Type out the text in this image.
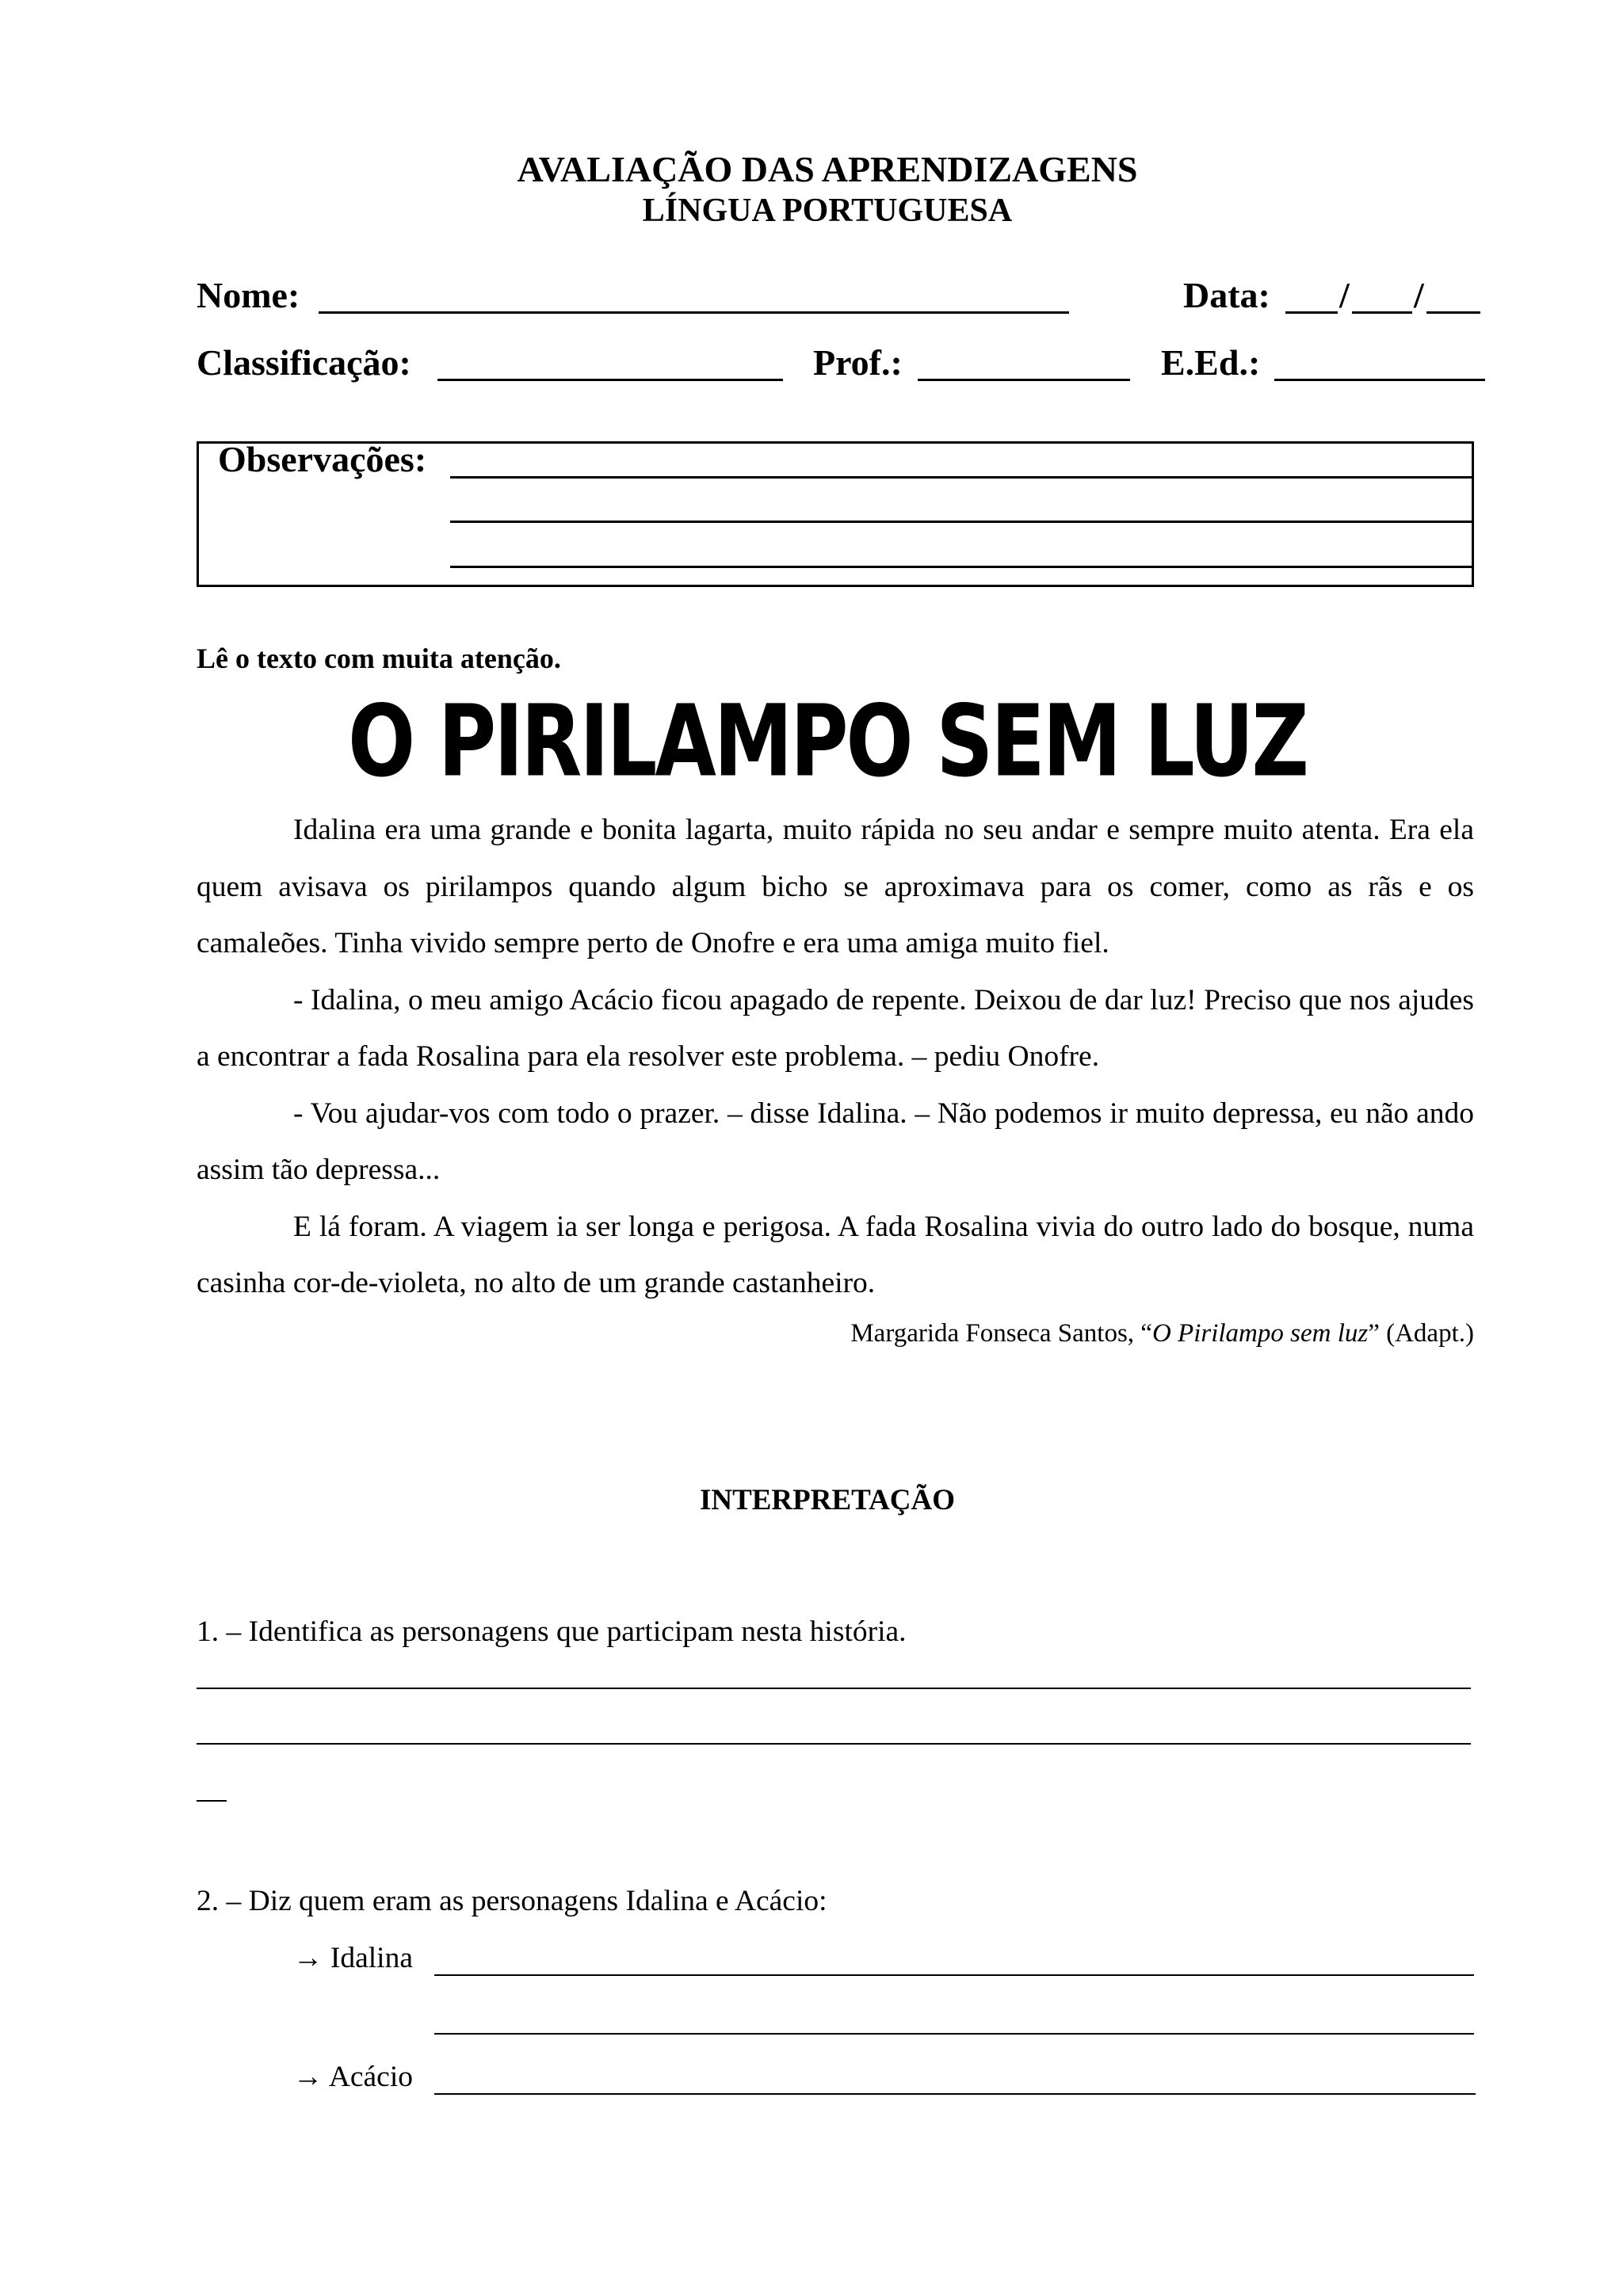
AVALIAÇÃO DAS APRENDIZAGENS
LÍNGUA PORTUGUESA
Nome:	Data: / /
Classificação:	Prof.:	E.Ed.:
Observações:
Lê o texto com muita atenção.
O PIRILAMPO SEM LUZ

Idalina era uma grande e bonita lagarta, muito rápida no seu andar e sempre muito atenta. Era ela quem avisava os pirilampos quando algum bicho se aproximava para os comer, como as rãs e os camaleões. Tinha vivido sempre perto de Onofre e era uma amiga muito fiel.

- Idalina, o meu amigo Acácio ficou apagado de repente. Deixou de dar luz! Preciso que nos ajudes a encontrar a fada Rosalina para ela resolver este problema. – pediu Onofre.

- Vou ajudar-vos com todo o prazer. – disse Idalina. – Não podemos ir muito depressa, eu não ando assim tão depressa...

E lá foram. A viagem ia ser longa e perigosa. A fada Rosalina vivia do outro lado do bosque, numa casinha cor-de-violeta, no alto de um grande castanheiro.

Margarida Fonseca Santos, “O Pirilampo sem luz” (Adapt.)
INTERPRETAÇÃO
1. – Identifica as personagens que participam nesta história.
2. – Diz quem eram as personagens Idalina e Acácio:
→ Idalina
→ Acácio
